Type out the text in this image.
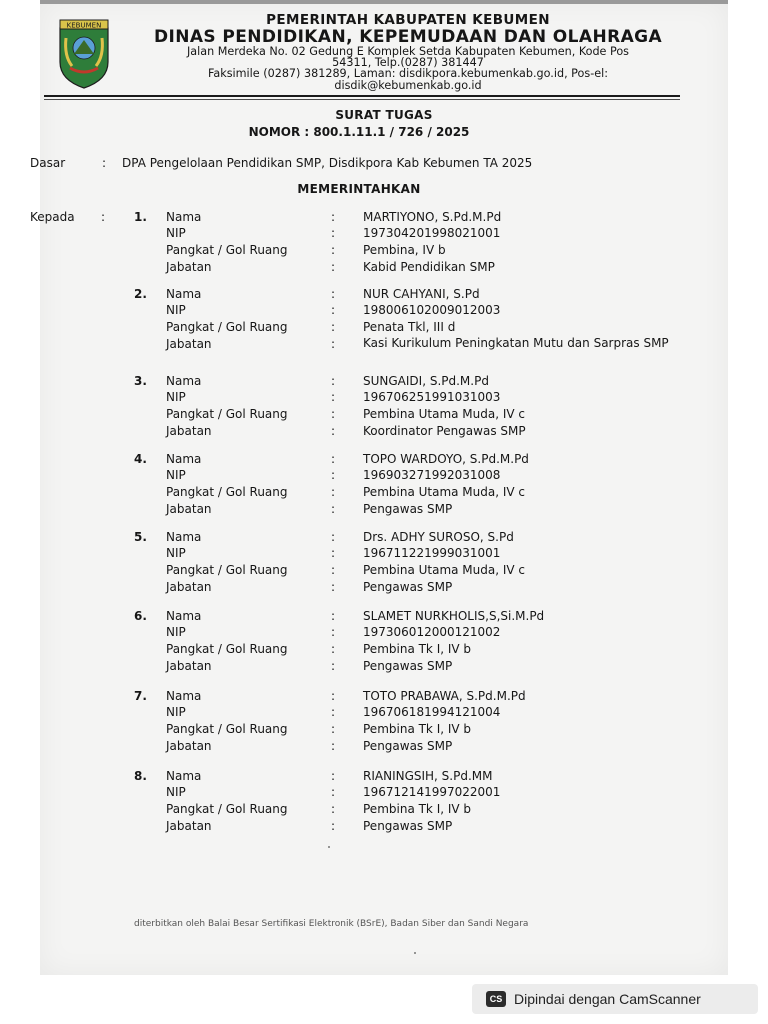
KEBUMEN	PEMERINTAH KABUPATEN KEBUMEN
DINAS PENDIDIKAN, KEPEMUDAAN DAN OLAHRAGA
Jalan Merdeka No. 02 Gedung E Komplek Setda Kabupaten Kebumen, Kode Pos
54311, Telp.(0287) 381447
Faksimile (0287) 381289, Laman: disdikpora.kebumenkab.go.id, Pos-el:
disdik@kebumenkab.go.id
SURAT TUGAS
NOMOR : 800.1.11.1 / 726 / 2025
Dasar	: DPA Pengelolaan Pendidikan SMP, Disdikpora Kab Kebumen TA 2025
MEMERINTAHKAN
Kepada : 1. Nama	: MARTIYONO, S.Pd.M.Pd
NIP	: 197304201998021001
Pangkat / Gol Ruang	: Pembina, IV b
Jabatan	: Kabid Pendidikan SMP
2. Nama	: NUR CAHYANI, S.Pd
NIP	: 198006102009012003
Pangkat / Gol Ruang	: Penata Tkl, III d
Jabatan	: Kasi Kurikulum Peningkatan Mutu dan Sarpras SMP
3. Nama	: SUNGAIDI, S.Pd.M.Pd
NIP	: 196706251991031003
Pangkat / Gol Ruang	: Pembina Utama Muda, IV c
Jabatan	: Koordinator Pengawas SMP
4. Nama	: TOPO WARDOYO, S.Pd.M.Pd
NIP	: 196903271992031008
Pangkat / Gol Ruang	: Pembina Utama Muda, IV c
Jabatan	: Pengawas SMP
5. Nama	: Drs. ADHY SUROSO, S.Pd
NIP	: 196711221999031001
Pangkat / Gol Ruang	: Pembina Utama Muda, IV c
Jabatan	: Pengawas SMP
6. Nama	: SLAMET NURKHOLIS,S,Si.M.Pd
NIP	: 197306012000121002
Pangkat / Gol Ruang	: Pembina Tk I, IV b
Jabatan	: Pengawas SMP
7. Nama	: TOTO PRABAWA, S.Pd.M.Pd
NIP	: 196706181994121004
Pangkat / Gol Ruang	: Pembina Tk I, IV b
Jabatan	: Pengawas SMP
8. Nama	: RIANINGSIH, S.Pd.MM
NIP	: 196712141997022001
Pangkat / Gol Ruang	: Pembina Tk I, IV b
Jabatan	: Pengawas SMP
diterbitkan oleh Balai Besar Sertifikasi Elektronik (BSrE), Badan Siber dan Sandi Negara
CS Dipindai dengan CamScanner
